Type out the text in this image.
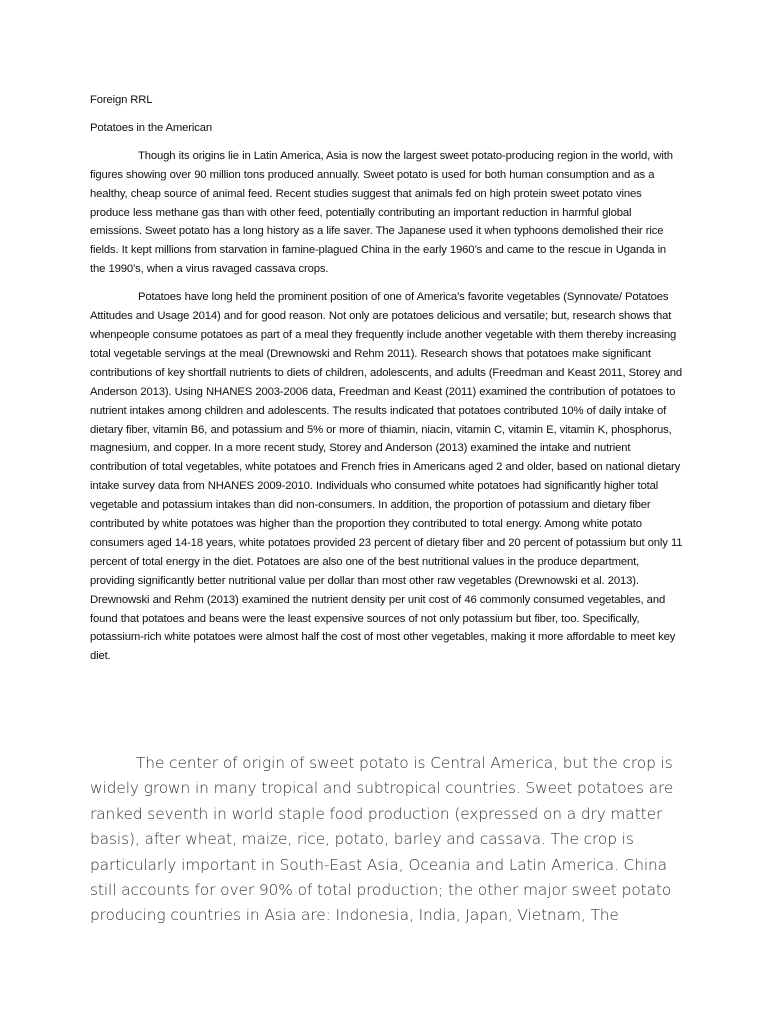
Foreign RRL

Potatoes in the American

Though its origins lie in Latin America, Asia is now the largest sweet potato-producing region in the world, with figures showing over 90 million tons produced annually. Sweet potato is used for both human consumption and as a healthy, cheap source of animal feed. Recent studies suggest that animals fed on high protein sweet potato vines produce less methane gas than with other feed, potentially contributing an important reduction in harmful global emissions. Sweet potato has a long history as a life saver. The Japanese used it when typhoons demolished their rice fields. It kept millions from starvation in famine-plagued China in the early 1960’s and came to the rescue in Uganda in the 1990’s, when a virus ravaged cassava crops.

Potatoes have long held the prominent position of one of America’s favorite vegetables (Synnovate/ Potatoes Attitudes and Usage 2014) and for good reason. Not only are potatoes delicious and versatile; but, research shows that whenpeople consume potatoes as part of a meal they frequently include another vegetable with them thereby increasing total vegetable servings at the meal (Drewnowski and Rehm 2011). Research shows that potatoes make significant contributions of key shortfall nutrients to diets of children, adolescents, and adults (Freedman and Keast 2011, Storey and Anderson 2013). Using NHANES 2003-2006 data, Freedman and Keast (2011) examined the contribution of potatoes to nutrient intakes among children and adolescents. The results indicated that potatoes contributed 10% of daily intake of dietary fiber, vitamin B6, and potassium and 5% or more of thiamin, niacin, vitamin C, vitamin E, vitamin K, phosphorus, magnesium, and copper. In a more recent study, Storey and Anderson (2013) examined the intake and nutrient contribution of total vegetables, white potatoes and French fries in Americans aged 2 and older, based on national dietary intake survey data from NHANES 2009-2010. Individuals who consumed white potatoes had significantly higher total vegetable and potassium intakes than did non-consumers. In addition, the proportion of potassium and dietary fiber contributed by white potatoes was higher than the proportion they contributed to total energy. Among white potato consumers aged 14-18 years, white potatoes provided 23 percent of dietary fiber and 20 percent of potassium but only 11 percent of total energy in the diet. Potatoes are also one of the best nutritional values in the produce department, providing significantly better nutritional value per dollar than most other raw vegetables (Drewnowski et al. 2013). Drewnowski and Rehm (2013) examined the nutrient density per unit cost of 46 commonly consumed vegetables, and found that potatoes and beans were the least expensive sources of not only potassium but fiber, too. Specifically, potassium-rich white potatoes were almost half the cost of most other vegetables, making it more affordable to meet key diet.

The center of origin of sweet potato is Central America, but the crop is widely grown in many tropical and subtropical countries. Sweet potatoes are ranked seventh in world staple food production (expressed on a dry matter basis), after wheat, maize, rice, potato, barley and cassava. The crop is particularly important in South-East Asia, Oceania and Latin America. China still accounts for over 90% of total production; the other major sweet potato producing countries in Asia are: Indonesia, India, Japan, Vietnam, The
